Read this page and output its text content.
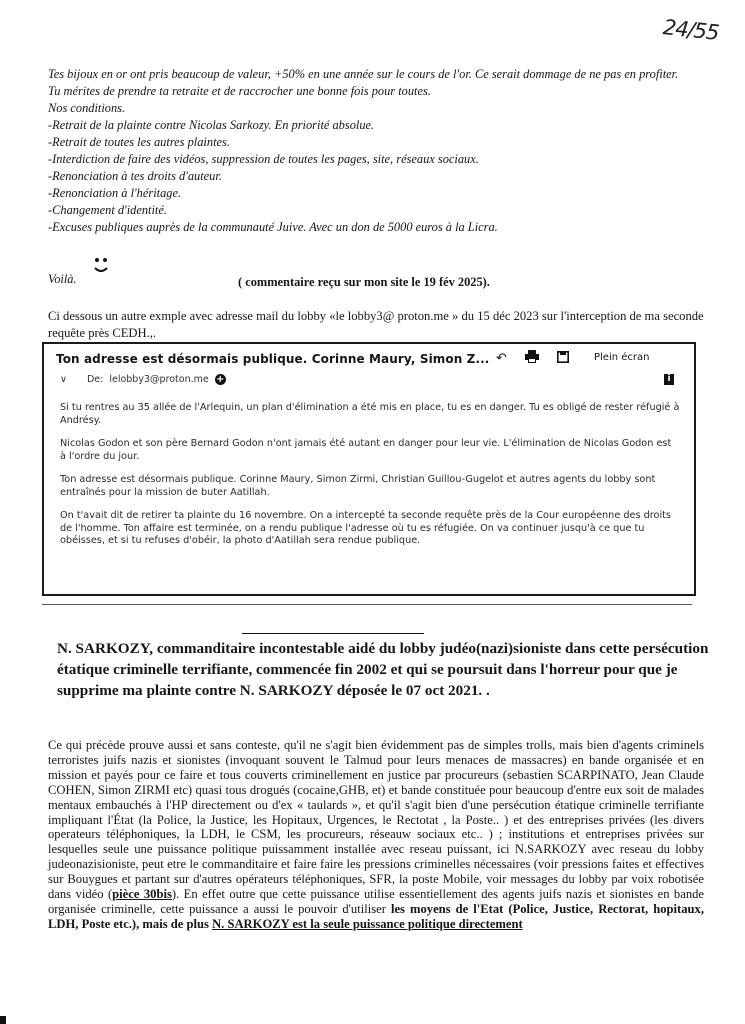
24/55
Tes bijoux en or ont pris beaucoup de valeur, +50% en une année sur le cours de l'or. Ce serait dommage de ne pas en profiter.
Tu mérites de prendre ta retraite et de raccrocher une bonne fois pour toutes.
Nos conditions.
-Retrait de la plainte contre Nicolas Sarkozy. En priorité absolue.
-Retrait de toutes les autres plaintes.
-Interdiction de faire des vidéos, suppression de toutes les pages, site, réseaux sociaux.
-Renonciation à tes droits d'auteur.
-Renonciation à l'héritage.
-Changement d'identité.
-Excuses publiques auprès de la communauté Juive. Avec un don de 5000 euros à la Licra.
Voilà.	( commentaire reçu sur mon site le 19 fév 2025).
Ci dessous un autre exmple avec adresse mail du lobby «le lobby3@ proton.me » du 15 déc 2023 sur l'interception de ma seconde requête près CEDH.,.
Ton adresse est désormais publique. Corinne Maury, Simon Z... ↶	Plein écran
∨ De: lelobby3@proton.me +	i

Si tu rentres au 35 allée de l'Arlequin, un plan d'élimination a été mis en place, tu es en danger. Tu es obligé de rester réfugié à Andrésy.

Nicolas Godon et son père Bernard Godon n'ont jamais été autant en danger pour leur vie. L'élimination de Nicolas Godon est à l'ordre du jour.

Ton adresse est désormais publique. Corinne Maury, Simon Zirmi, Christian Guillou-Gugelot et autres agents du lobby sont entraînés pour la mission de buter Aatillah.

On t'avait dit de retirer ta plainte du 16 novembre. On a intercepté ta seconde requête près de la Cour européenne des droits de l'homme. Ton affaire est terminée, on a rendu publique l'adresse où tu es réfugiée. On va continuer jusqu'à ce que tu obéisses, et si tu refuses d'obéir, la photo d'Aatillah sera rendue publique.

N. SARKOZY, commanditaire incontestable aidé du lobby judéo(nazi)sioniste dans cette persécution étatique criminelle terrifiante, commencée fin 2002 et qui se poursuit dans l'horreur pour que je supprime ma plainte contre N. SARKOZY déposée le 07 oct 2021. .
Ce qui précède prouve aussi et sans conteste, qu'il ne s'agit bien évidemment pas de simples trolls, mais bien d'agents criminels terroristes juifs nazis et sionistes (invoquant souvent le Talmud pour leurs menaces de massacres) en bande organisée et en mission et payés pour ce faire et tous couverts criminellement en justice par procureurs (sebastien SCARPINATO, Jean Claude COHEN, Simon ZIRMI etc) quasi tous drogués (cocaine,GHB, et) et bande constituée pour beaucoup d'entre eux soit de malades mentaux embauchés à l'HP directement ou d'ex « taulards », et qu'il s'agit bien d'une persécution étatique criminelle terrifiante impliquant l'État (la Police, la Justice, les Hopitaux, Urgences, le Rectotat , la Poste.. ) et des entreprises privées (les divers operateurs téléphoniques, la LDH, le CSM, les procureurs, réseauw sociaux etc.. ) ; institutions et entreprises privées sur lesquelles seule une puissance politique puissamment installée avec reseau puissant, ici N.SARKOZY avec reseau du lobby judeonazisioniste, peut etre le commanditaire et faire faire les pressions criminelles nécessaires (voir pressions faites et effectives sur Bouygues et partant sur d'autres opérateurs téléphoniques, SFR, la poste Mobile, voir messages du lobby par voix robotisée dans vidéo (pièce 30bis). En effet outre que cette puissance utilise essentiellement des agents juifs nazis et sionistes en bande organisée criminelle, cette puissance a aussi le pouvoir d'utiliser les moyens de l'Etat (Police, Justice, Rectorat, hopitaux, LDH, Poste etc.), mais de plus N. SARKOZY est la seule puissance politique directement
